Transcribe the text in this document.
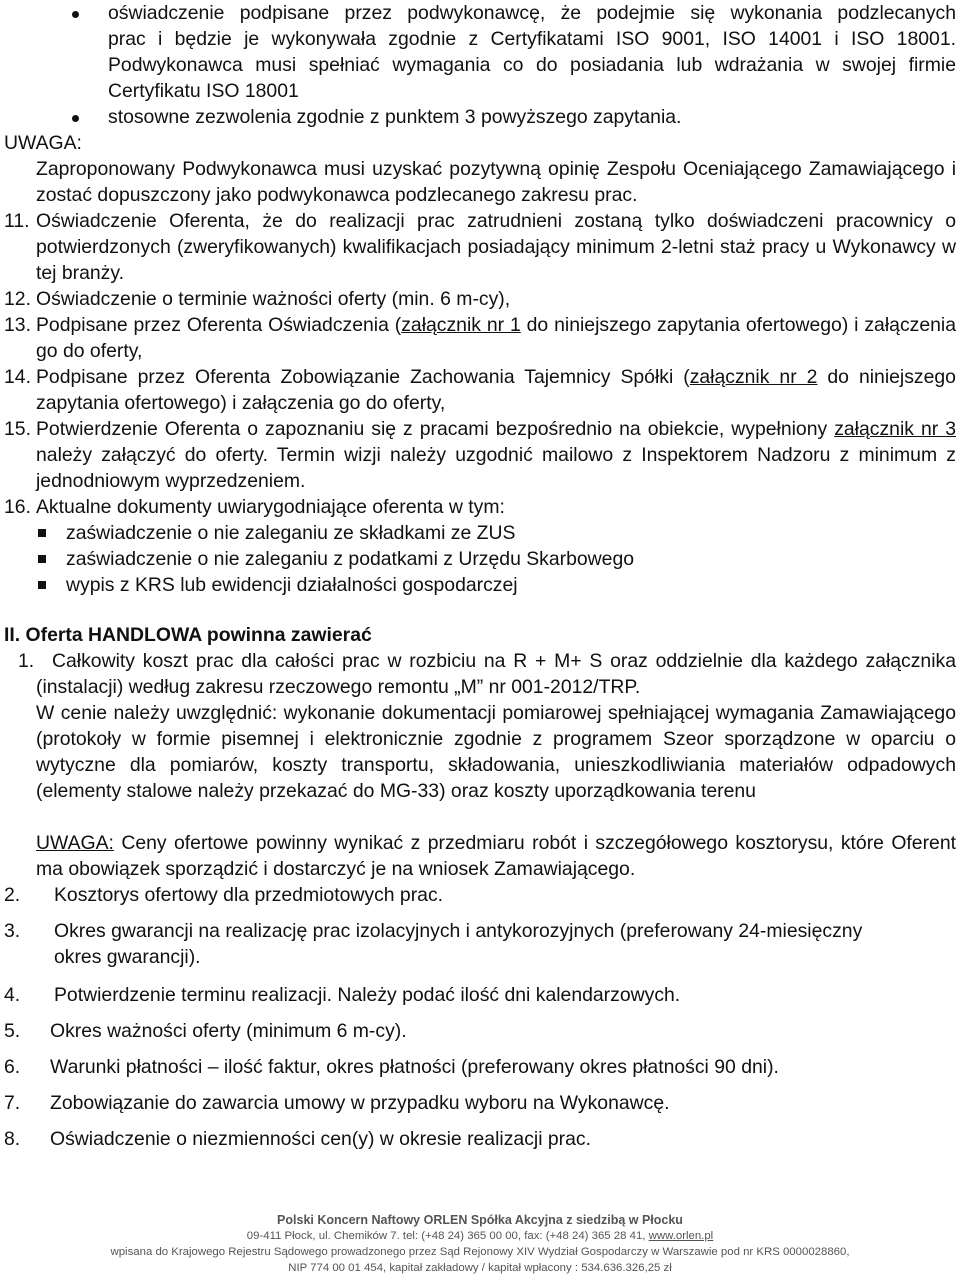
oświadczenie podpisane przez podwykonawcę, że podejmie się wykonania podzlecanych
prac i będzie je wykonywała zgodnie z Certyfikatami ISO 9001, ISO 14001 i ISO 18001.
Podwykonawca musi spełniać wymagania co do posiadania lub wdrażania w swojej firmie
Certyfikatu ISO 18001
stosowne zezwolenia zgodnie z punktem 3 powyższego zapytania.
UWAGA:
Zaproponowany Podwykonawca musi uzyskać pozytywną opinię Zespołu Oceniającego Zamawiającego i zostać dopuszczony jako podwykonawca podzlecanego zakresu prac.
11. Oświadczenie Oferenta, że do realizacji prac zatrudnieni zostaną tylko doświadczeni pracownicy o potwierdzonych (zweryfikowanych) kwalifikacjach posiadający minimum 2-letni staż pracy u Wykonawcy w tej branży.
12. Oświadczenie o terminie ważności oferty (min. 6 m-cy),
13. Podpisane przez Oferenta Oświadczenia (załącznik nr 1 do niniejszego zapytania ofertowego) i załączenia go do oferty,
14. Podpisane przez Oferenta Zobowiązanie Zachowania Tajemnicy Spółki (załącznik nr 2 do niniejszego zapytania ofertowego) i załączenia go do oferty,
15. Potwierdzenie Oferenta o zapoznaniu się z pracami bezpośrednio na obiekcie, wypełniony załącznik nr 3 należy załączyć do oferty. Termin wizji należy uzgodnić mailowo z Inspektorem Nadzoru z minimum z jednodniowym wyprzedzeniem.
16. Aktualne dokumenty uwiarygodniające oferenta w tym:
zaświadczenie o nie zaleganiu ze składkami ze ZUS
zaświadczenie o nie zaleganiu z podatkami z Urzędu Skarbowego
wypis z KRS lub ewidencji działalności gospodarczej
II. Oferta HANDLOWA powinna zawierać
1. Całkowity koszt prac dla całości prac w rozbiciu na R + M+ S oraz oddzielnie dla każdego załącznika (instalacji) według zakresu rzeczowego remontu „M” nr 001-2012/TRP.
W cenie należy uwzględnić: wykonanie dokumentacji pomiarowej spełniającej wymagania Zamawiającego (protokoły w formie pisemnej i elektronicznie zgodnie z programem Szeor sporządzone w oparciu o wytyczne dla pomiarów, koszty transportu, składowania, unieszkodliwiania materiałów odpadowych (elementy stalowe należy przekazać do MG-33) oraz koszty uporządkowania terenu
UWAGA: Ceny ofertowe powinny wynikać z przedmiaru robót i szczegółowego kosztorysu, które Oferent ma obowiązek sporządzić i dostarczyć je na wniosek Zamawiającego.
2. Kosztorys ofertowy dla przedmiotowych prac.
3. Okres gwarancji na realizację prac izolacyjnych i antykorozyjnych (preferowany 24-miesięczny okres gwarancji).
4. Potwierdzenie terminu realizacji. Należy podać ilość dni kalendarzowych.
5. Okres ważności oferty (minimum 6 m-cy).
6. Warunki płatności – ilość faktur, okres płatności (preferowany okres płatności 90 dni).
7. Zobowiązanie do zawarcia umowy w przypadku wyboru na Wykonawcę.
8. Oświadczenie o niezmienności cen(y) w okresie realizacji prac.
Polski Koncern Naftowy ORLEN Spółka Akcyjna z siedzibą w Płocku
09-411 Płock, ul. Chemików 7. tel: (+48 24) 365 00 00, fax: (+48 24) 365 28 41, www.orlen.pl
wpisana do Krajowego Rejestru Sądowego prowadzonego przez Sąd Rejonowy XIV Wydział Gospodarczy w Warszawie pod nr KRS 0000028860,
NIP 774 00 01 454, kapitał zakładowy / kapitał wpłacony : 534.636.326,25 zł
